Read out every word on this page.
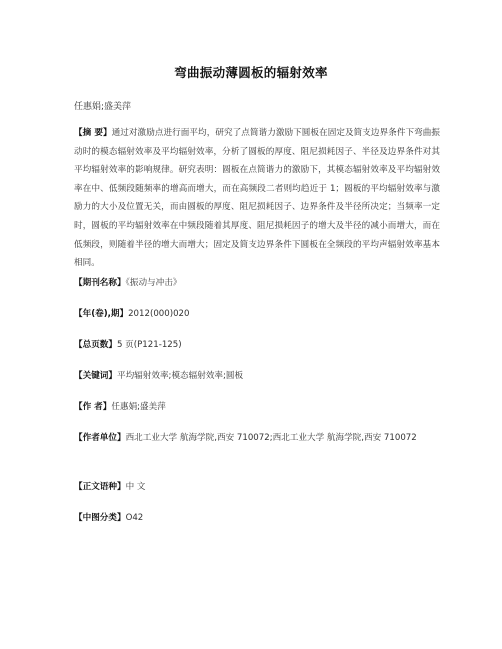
弯曲振动薄圆板的辐射效率
任惠娟;盛美萍
【摘 要】通过对激励点进行面平均，研究了点简谐力激励下圆板在固定及简支边界条件下弯曲振动时的模态辐射效率及平均辐射效率，分析了圆板的厚度、阻尼损耗因子、半径及边界条件对其平均辐射效率的影响规律。研究表明：圆板在点简谐力的激励下，其模态辐射效率及平均辐射效率在中、低频段随频率的增高而增大，而在高频段二者则均趋近于 1；圆板的平均辐射效率与激励力的大小及位置无关，而由圆板的厚度、阻尼损耗因子、边界条件及半径所决定；当频率一定时，圆板的平均辐射效率在中频段随着其厚度、阻尼损耗因子的增大及半径的减小而增大，而在低频段，则随着半径的增大而增大；固定及简支边界条件下圆板在全频段的平均声辐射效率基本相同。
【期刊名称】《振动与冲击》
【年(卷),期】2012(000)020
【总页数】5 页(P121-125)
【关键词】平均辐射效率;模态辐射效率;圆板
【作 者】任惠娟;盛美萍
【作者单位】西北工业大学 航海学院,西安 710072;西北工业大学 航海学院,西安 710072
【正文语种】中 文
【中图分类】O42
